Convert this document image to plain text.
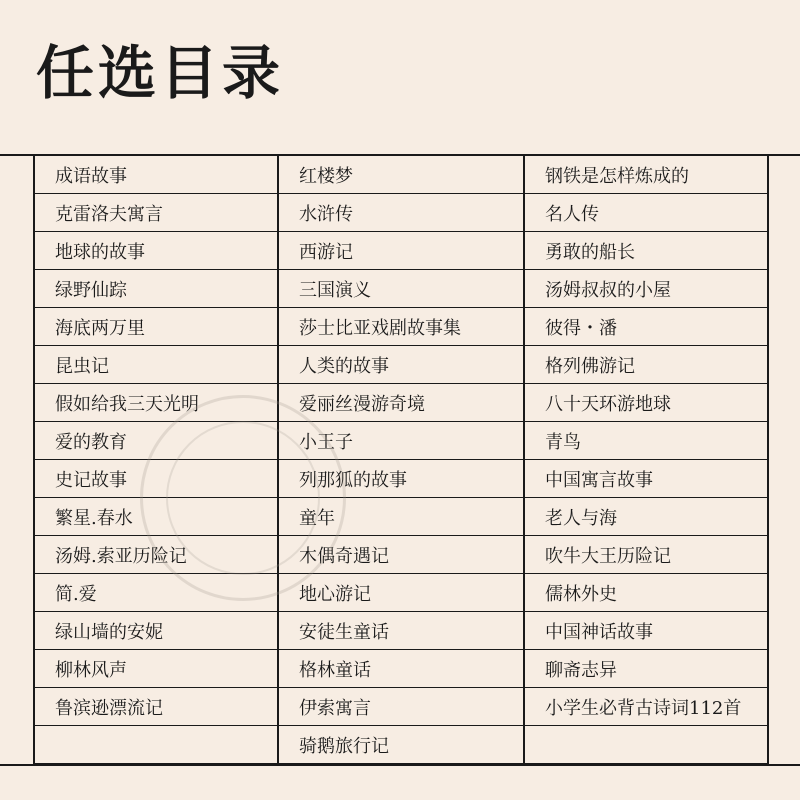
任选目录
成语故事
克雷洛夫寓言
地球的故事
绿野仙踪
海底两万里
昆虫记
假如给我三天光明
爱的教育
史记故事
繁星.春水
汤姆.索亚历险记
简.爱
绿山墙的安妮
柳林风声
鲁滨逊漂流记
红楼梦
水浒传
西游记
三国演义
莎士比亚戏剧故事集
人类的故事
爱丽丝漫游奇境
小王子
列那狐的故事
童年
木偶奇遇记
地心游记
安徒生童话
格林童话
伊索寓言
骑鹅旅行记
钢铁是怎样炼成的
名人传
勇敢的船长
汤姆叔叔的小屋
彼得・潘
格列佛游记
八十天环游地球
青鸟
中国寓言故事
老人与海
吹牛大王历险记
儒林外史
中国神话故事
聊斋志异
小学生必背古诗词112首
